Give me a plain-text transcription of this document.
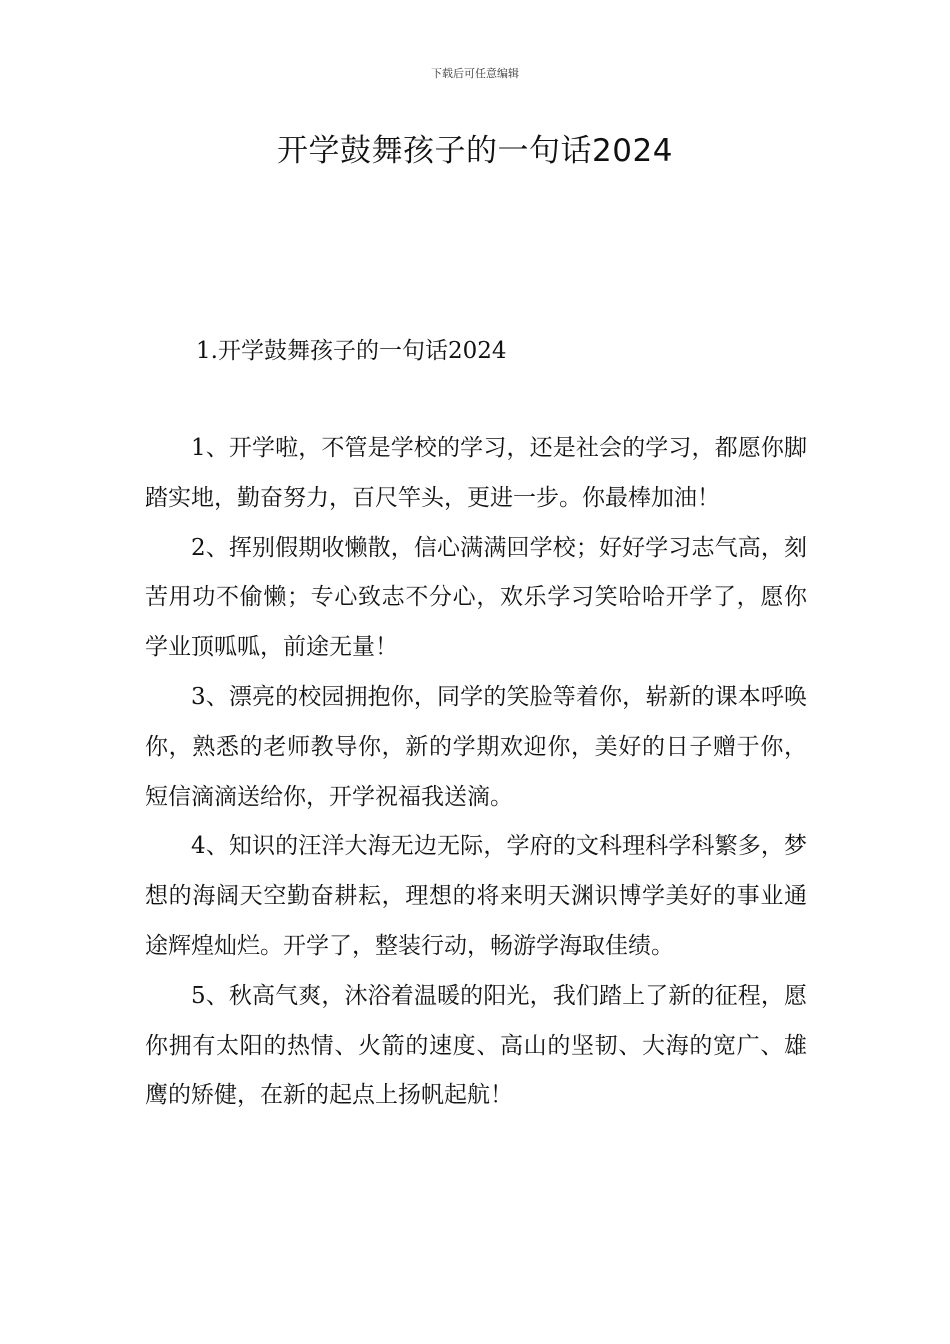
下载后可任意编辑
开学鼓舞孩子的一句话2024
1.开学鼓舞孩子的一句话2024

1、开学啦，不管是学校的学习，还是社会的学习，都愿你脚踏实地，勤奋努力，百尺竿头，更进一步。你最棒加油！

2、挥别假期收懒散，信心满满回学校；好好学习志气高，刻苦用功不偷懒；专心致志不分心，欢乐学习笑哈哈开学了，愿你学业顶呱呱，前途无量！

3、漂亮的校园拥抱你，同学的笑脸等着你，崭新的课本呼唤你，熟悉的老师教导你，新的学期欢迎你，美好的日子赠于你，短信滴滴送给你，开学祝福我送滴。

4、知识的汪洋大海无边无际，学府的文科理科学科繁多，梦想的海阔天空勤奋耕耘，理想的将来明天渊识博学美好的事业通途辉煌灿烂。开学了，整装行动，畅游学海取佳绩。

5、秋高气爽，沐浴着温暖的阳光，我们踏上了新的征程，愿你拥有太阳的热情、火箭的速度、高山的坚韧、大海的宽广、雄鹰的矫健，在新的起点上扬帆起航！
